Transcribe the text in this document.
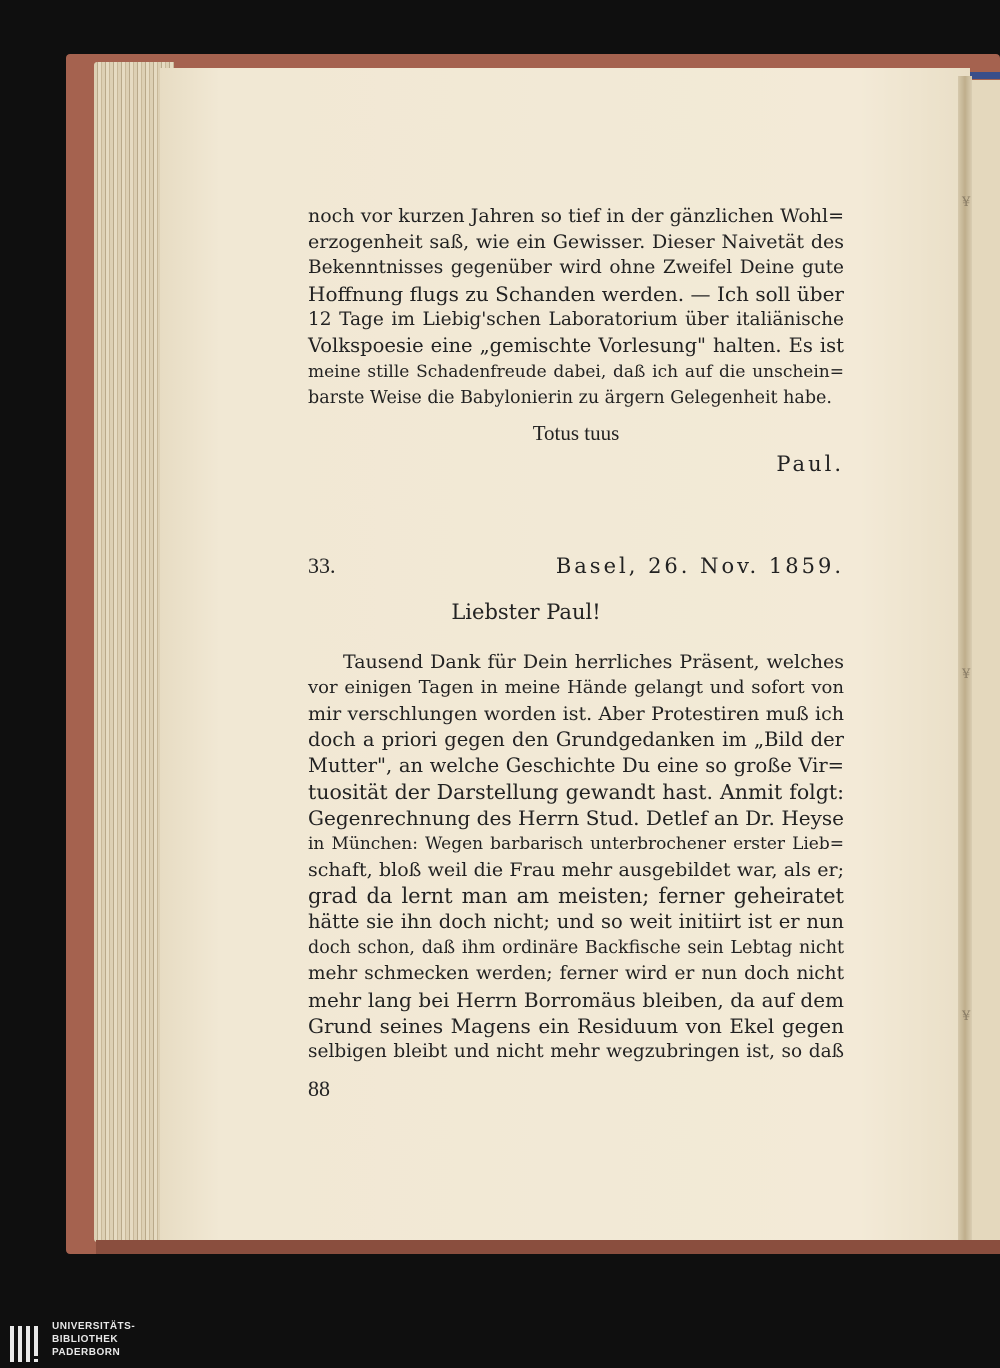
¥
¥
¥

noch vor kurzen Jahren so tief in der gänzlichen Wohl=

erzogenheit saß, wie ein Gewisser. Dieser Naivetät des

Bekenntnisses gegenüber wird ohne Zweifel Deine gute

Hoffnung flugs zu Schanden werden. — Ich soll über

12 Tage im Liebig'schen Laboratorium über italiänische

Volkspoesie eine „gemischte Vorlesung" halten. Es ist

meine stille Schadenfreude dabei, daß ich auf die unschein=

barste Weise die Babylonierin zu ärgern Gelegenheit habe.

Totus tuus

Paul.

33.	Basel, 26. Nov. 1859.

Liebster Paul!

Tausend Dank für Dein herrliches Präsent, welches

vor einigen Tagen in meine Hände gelangt und sofort von

mir verschlungen worden ist. Aber Protestiren muß ich

doch a priori gegen den Grundgedanken im „Bild der

Mutter", an welche Geschichte Du eine so große Vir=

tuosität der Darstellung gewandt hast. Anmit folgt:

Gegenrechnung des Herrn Stud. Detlef an Dr. Heyse

in München: Wegen barbarisch unterbrochener erster Lieb=

schaft, bloß weil die Frau mehr ausgebildet war, als er;

grad da lernt man am meisten; ferner geheiratet

hätte sie ihn doch nicht; und so weit initiirt ist er nun

doch schon, daß ihm ordinäre Backfische sein Lebtag nicht

mehr schmecken werden; ferner wird er nun doch nicht

mehr lang bei Herrn Borromäus bleiben, da auf dem

Grund seines Magens ein Residuum von Ekel gegen

selbigen bleibt und nicht mehr wegzubringen ist, so daß

88

UNIVERSITÄTS-
BIBLIOTHEK
PADERBORN
